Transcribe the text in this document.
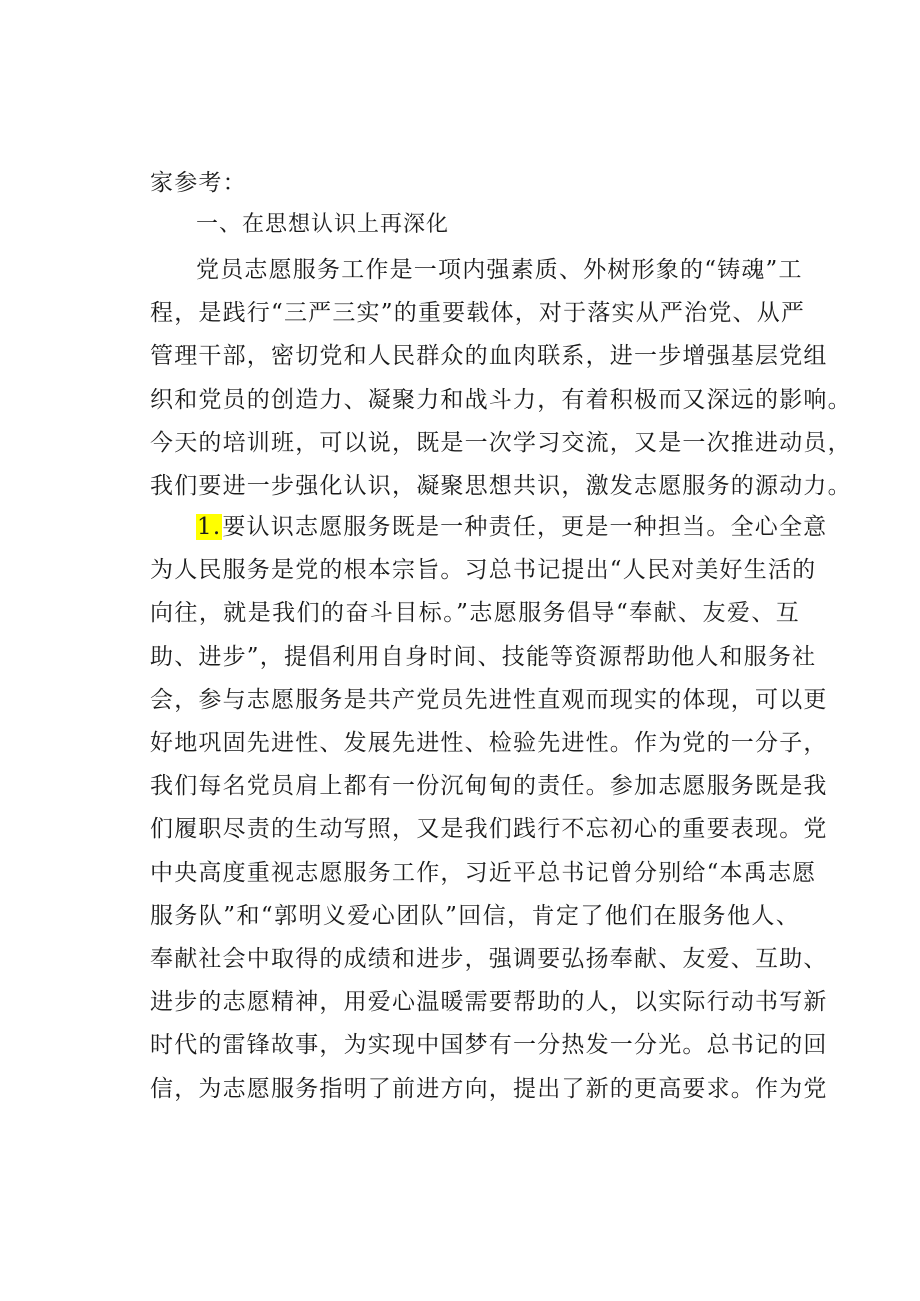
家参考：
一、在思想认识上再深化
党员志愿服务工作是一项内强素质、外树形象的“铸魂”工
程，是践行“三严三实”的重要载体，对于落实从严治党、从严
管理干部，密切党和人民群众的血肉联系，进一步增强基层党组
织和党员的创造力、凝聚力和战斗力，有着积极而又深远的影响。
今天的培训班，可以说，既是一次学习交流，又是一次推进动员，
我们要进一步强化认识，凝聚思想共识，激发志愿服务的源动力。
1.要认识志愿服务既是一种责任，更是一种担当。全心全意
为人民服务是党的根本宗旨。习总书记提出“人民对美好生活的
向往，就是我们的奋斗目标。”志愿服务倡导“奉献、友爱、互
助、进步”，提倡利用自身时间、技能等资源帮助他人和服务社
会，参与志愿服务是共产党员先进性直观而现实的体现，可以更
好地巩固先进性、发展先进性、检验先进性。作为党的一分子，
我们每名党员肩上都有一份沉甸甸的责任。参加志愿服务既是我
们履职尽责的生动写照，又是我们践行不忘初心的重要表现。党
中央高度重视志愿服务工作，习近平总书记曾分别给“本禹志愿
服务队”和“郭明义爱心团队”回信，肯定了他们在服务他人、
奉献社会中取得的成绩和进步，强调要弘扬奉献、友爱、互助、
进步的志愿精神，用爱心温暖需要帮助的人，以实际行动书写新
时代的雷锋故事，为实现中国梦有一分热发一分光。总书记的回
信，为志愿服务指明了前进方向，提出了新的更高要求。作为党
